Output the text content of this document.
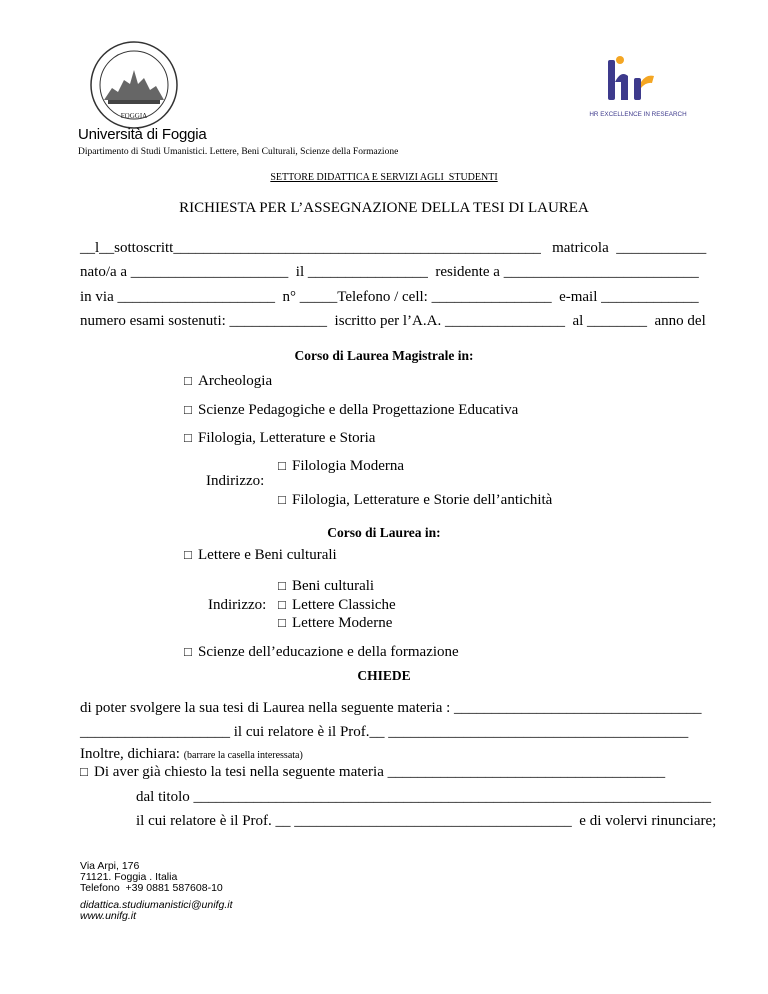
FOGGIA	HR EXCELLENCE IN RESEARCH
Università di Foggia
Dipartimento di Studi Umanistici. Lettere, Beni Culturali, Scienze della Formazione
SETTORE DIDATTICA E SERVIZI AGLI  STUDENTI
RICHIESTA PER L’ASSEGNAZIONE DELLA TESI DI LAUREA
__l__sottoscritt_________________________________________________   matricola  ____________
nato/a a _____________________  il ________________  residente a __________________________
in via _____________________  n° _____Telefono / cell: ________________  e-mail _____________
numero esami sostenuti: _____________  iscritto per l’A.A. ________________  al ________  anno del
Corso di Laurea Magistrale in:
□ Archeologia
□ Scienze Pedagogiche e della Progettazione Educativa
□ Filologia, Letterature e Storia
□ Filologia Moderna
Indirizzo:
□ Filologia, Letterature e Storie dell’antichità
Corso di Laurea in:
□ Lettere e Beni culturali
□ Beni culturali
Indirizzo:
□	Lettere Classiche
□ Lettere Moderne
□ Scienze dell’educazione e della formazione
CHIEDE
di poter svolgere la sua tesi di Laurea nella seguente materia : _________________________________
____________________ il cui relatore è il Prof.__ ________________________________________
Inoltre, dichiara: (barrare la casella interessata)
□ Di aver già chiesto la tesi nella seguente materia _____________________________________
dal titolo _____________________________________________________________________
il cui relatore è il Prof. __ _____________________________________  e di volervi rinunciare;
Via Arpi, 176
71121. Foggia . Italia
Telefono  +39 0881 587608-10
didattica.studiumanistici@unifg.it
www.unifg.it
